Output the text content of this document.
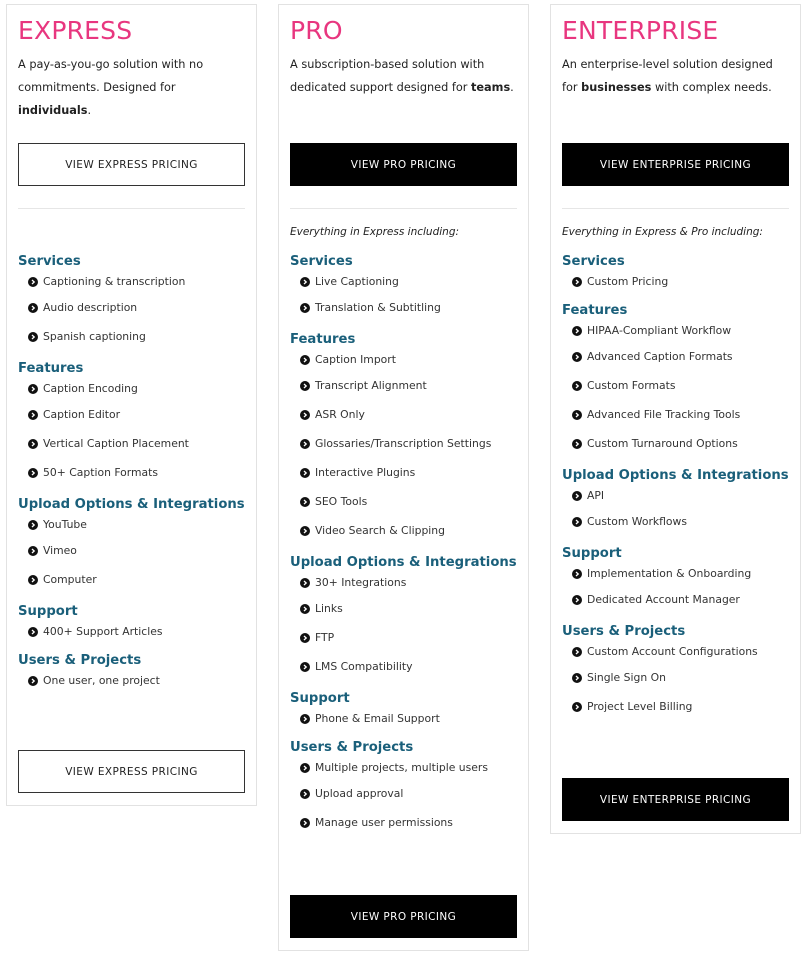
EXPRESS
A pay-as-you-go solution with no commitments. Designed for individuals.
VIEW EXPRESS PRICING
Services
Captioning & transcription
Audio description
Spanish captioning
Features
Caption Encoding
Caption Editor
Vertical Caption Placement
50+ Caption Formats
Upload Options & Integrations
YouTube
Vimeo
Computer
Support
400+ Support Articles
Users & Projects
One user, one project
VIEW EXPRESS PRICING
PRO
A subscription-based solution with dedicated support designed for teams.
VIEW PRO PRICING
Everything in Express including:
Services
Live Captioning
Translation & Subtitling
Features
Caption Import
Transcript Alignment
ASR Only
Glossaries/Transcription Settings
Interactive Plugins
SEO Tools
Video Search & Clipping
Upload Options & Integrations
30+ Integrations
Links
FTP
LMS Compatibility
Support
Phone & Email Support
Users & Projects
Multiple projects, multiple users
Upload approval
Manage user permissions
VIEW PRO PRICING
ENTERPRISE
An enterprise-level solution designed for businesses with complex needs.
VIEW ENTERPRISE PRICING
Everything in Express & Pro including:
Services
Custom Pricing
Features
HIPAA-Compliant Workflow
Advanced Caption Formats
Custom Formats
Advanced File Tracking Tools
Custom Turnaround Options
Upload Options & Integrations
API
Custom Workflows
Support
Implementation & Onboarding
Dedicated Account Manager
Users & Projects
Custom Account Configurations
Single Sign On
Project Level Billing
VIEW ENTERPRISE PRICING
